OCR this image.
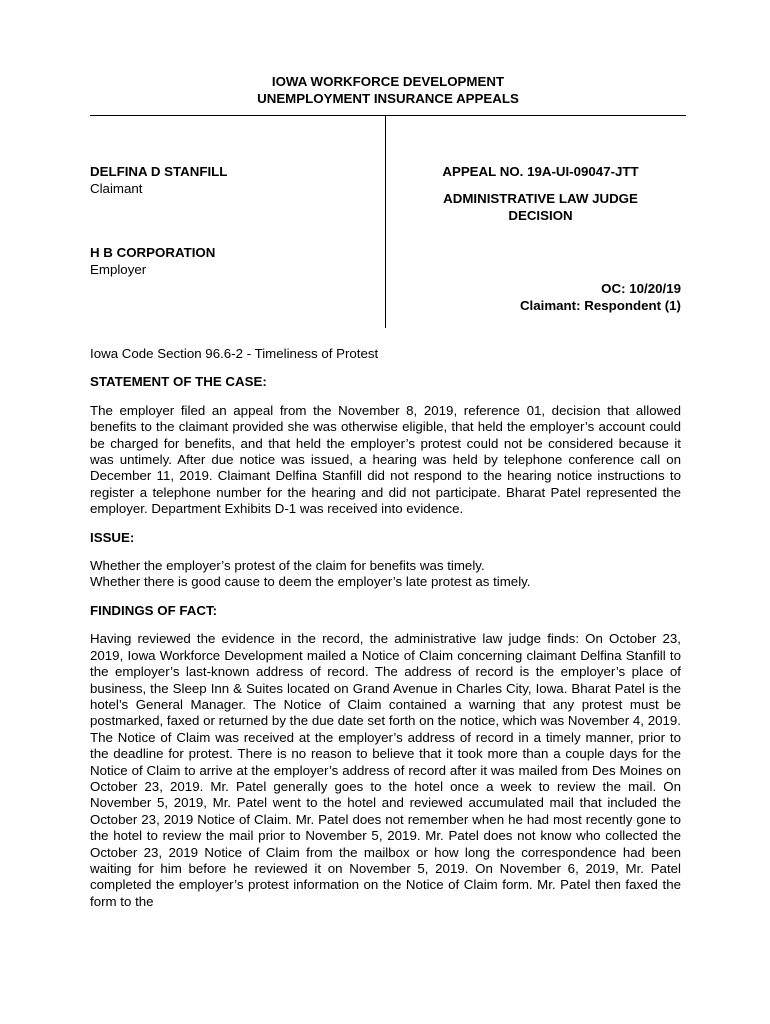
IOWA WORKFORCE DEVELOPMENT
UNEMPLOYMENT INSURANCE APPEALS
DELFINA D STANFILL
Claimant
H B CORPORATION
Employer
APPEAL NO. 19A-UI-09047-JTT
ADMINISTRATIVE LAW JUDGE
DECISION
OC: 10/20/19
Claimant: Respondent (1)

Iowa Code Section 96.6-2 - Timeliness of Protest

STATEMENT OF THE CASE:

The employer filed an appeal from the November 8, 2019, reference 01, decision that allowed benefits to the claimant provided she was otherwise eligible, that held the employer’s account could be charged for benefits, and that held the employer’s protest could not be considered because it was untimely. After due notice was issued, a hearing was held by telephone conference call on December 11, 2019. Claimant Delfina Stanfill did not respond to the hearing notice instructions to register a telephone number for the hearing and did not participate. Bharat Patel represented the employer. Department Exhibits D-1 was received into evidence.

ISSUE:

Whether the employer’s protest of the claim for benefits was timely.

Whether there is good cause to deem the employer’s late protest as timely.

FINDINGS OF FACT:

Having reviewed the evidence in the record, the administrative law judge finds: On October 23, 2019, Iowa Workforce Development mailed a Notice of Claim concerning claimant Delfina Stanfill to the employer’s last-known address of record. The address of record is the employer’s place of business, the Sleep Inn & Suites located on Grand Avenue in Charles City, Iowa. Bharat Patel is the hotel’s General Manager. The Notice of Claim contained a warning that any protest must be postmarked, faxed or returned by the due date set forth on the notice, which was November 4, 2019. The Notice of Claim was received at the employer’s address of record in a timely manner, prior to the deadline for protest. There is no reason to believe that it took more than a couple days for the Notice of Claim to arrive at the employer’s address of record after it was mailed from Des Moines on October 23, 2019. Mr. Patel generally goes to the hotel once a week to review the mail. On November 5, 2019, Mr. Patel went to the hotel and reviewed accumulated mail that included the October 23, 2019 Notice of Claim. Mr. Patel does not remember when he had most recently gone to the hotel to review the mail prior to November 5, 2019. Mr. Patel does not know who collected the October 23, 2019 Notice of Claim from the mailbox or how long the correspondence had been waiting for him before he reviewed it on November 5, 2019. On November 6, 2019, Mr. Patel completed the employer’s protest information on the Notice of Claim form. Mr. Patel then faxed the form to the
